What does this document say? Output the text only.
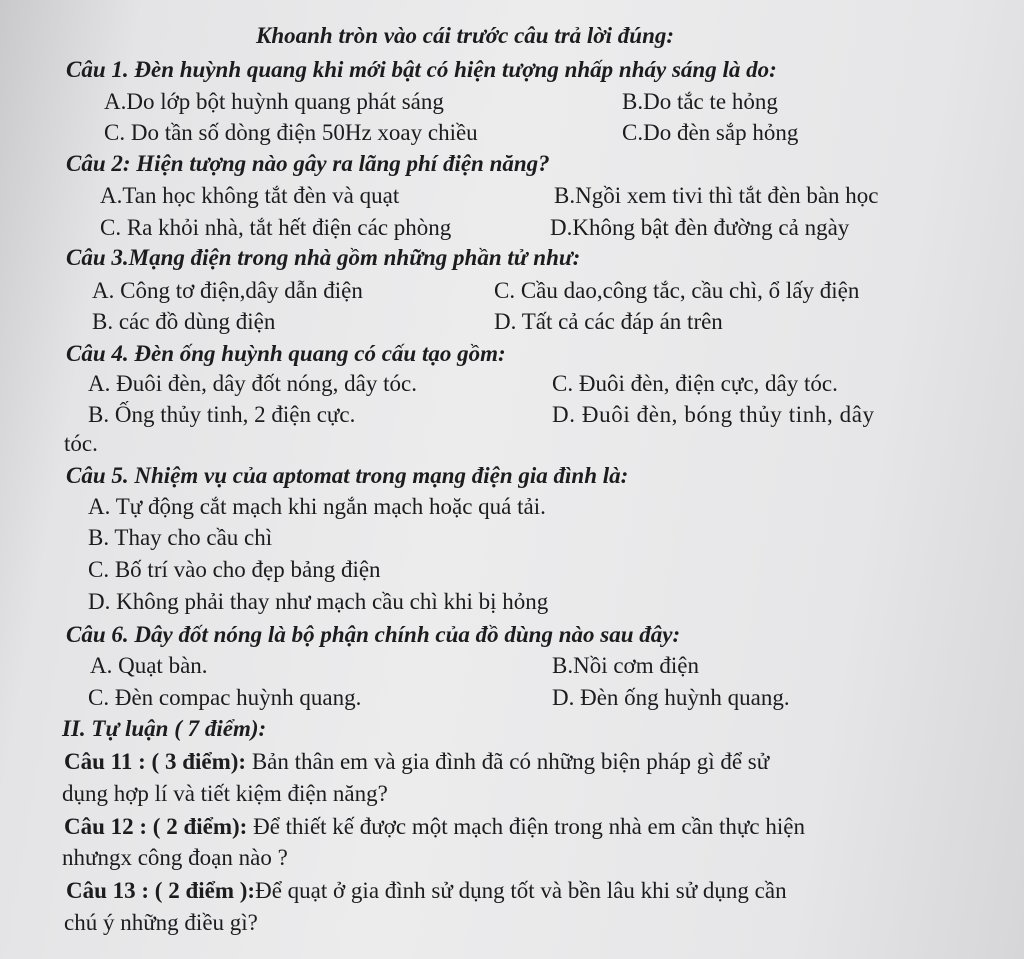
Khoanh tròn vào cái trước câu trả lời đúng:
Câu 1. Đèn huỳnh quang khi mới bật có hiện tượng nhấp nháy sáng là do:
A.Do lớp bột huỳnh quang phát sáng	B.Do tắc te hỏng
C. Do tần số dòng điện 50Hz xoay chiều	C.Do đèn sắp hỏng
Câu 2: Hiện tượng nào gây ra lãng phí điện năng?
A.Tan học không tắt đèn và quạt	B.Ngồi xem tivi thì tắt đèn bàn học
C. Ra khỏi nhà, tắt hết điện các phòng	D.Không bật đèn đường cả ngày
Câu 3.Mạng điện trong nhà gồm những phần tử như:
A. Công tơ điện,dây dẫn điện	C. Cầu dao,công tắc, cầu chì, ổ lấy điện
B. các đồ dùng điện	D. Tất cả các đáp án trên
Câu 4. Đèn ống huỳnh quang có cấu tạo gồm:
A. Đuôi đèn, dây đốt nóng, dây tóc.	C. Đuôi đèn, điện cực, dây tóc.
B. Ống thủy tinh, 2 điện cực.	D. Đuôi đèn, bóng thủy tinh, dây
tóc.
Câu 5. Nhiệm vụ của aptomat trong mạng điện gia đình là:
A. Tự động cắt mạch khi ngắn mạch hoặc quá tải.
B. Thay cho cầu chì
C. Bố trí vào cho đẹp bảng điện
D. Không phải thay như mạch cầu chì khi bị hỏng
Câu 6. Dây đốt nóng là bộ phận chính của đồ dùng nào sau đây:
A. Quạt bàn.	B.Nồi cơm điện
C. Đèn compac huỳnh quang.	D. Đèn ống huỳnh quang.
II. Tự luận ( 7 điểm):
Câu 11 : ( 3 điểm): Bản thân em và gia đình đã có những biện pháp gì để sử
dụng hợp lí và tiết kiệm điện năng?
Câu 12 : ( 2 điểm): Để thiết kế được một mạch điện trong nhà em cần thực hiện
nhưngx công đoạn nào ?
Câu 13 : ( 2 điểm ):Để quạt ở gia đình sử dụng tốt và bền lâu khi sử dụng cần
chú ý những điều gì?
